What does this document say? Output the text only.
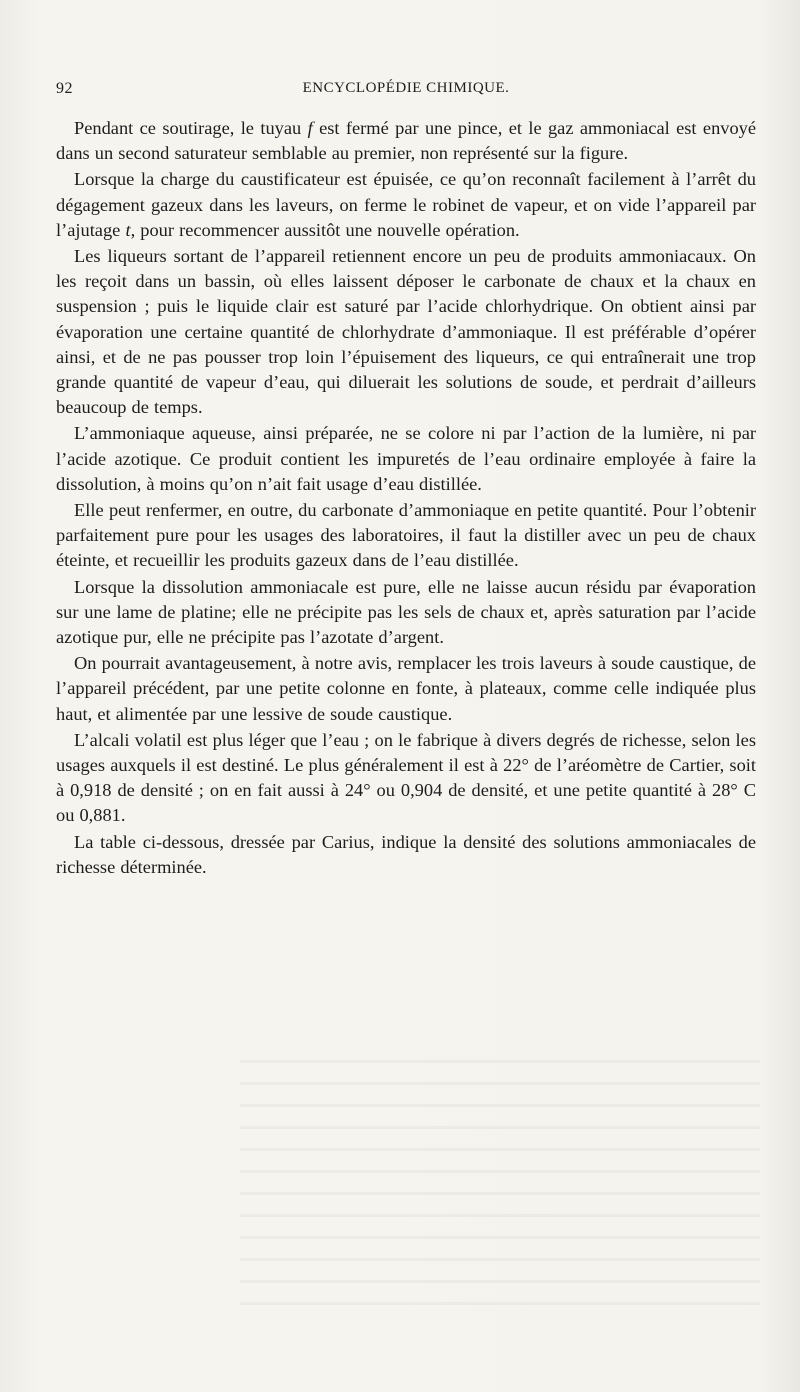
92	ENCYCLOPÉDIE CHIMIQUE.

Pendant ce soutirage, le tuyau f est fermé par une pince, et le gaz ammoniacal est envoyé dans un second saturateur semblable au premier, non représenté sur la figure.

Lorsque la charge du caustificateur est épuisée, ce qu’on reconnaît facilement à l’arrêt du dégagement gazeux dans les laveurs, on ferme le robinet de vapeur, et on vide l’appareil par l’ajutage t, pour recommencer aussitôt une nouvelle opération.

Les liqueurs sortant de l’appareil retiennent encore un peu de produits ammoniacaux. On les reçoit dans un bassin, où elles laissent déposer le carbonate de chaux et la chaux en suspension ; puis le liquide clair est saturé par l’acide chlorhydrique. On obtient ainsi par évaporation une certaine quantité de chlorhydrate d’ammoniaque. Il est préférable d’opérer ainsi, et de ne pas pousser trop loin l’épuisement des liqueurs, ce qui entraînerait une trop grande quantité de vapeur d’eau, qui diluerait les solutions de soude, et perdrait d’ailleurs beaucoup de temps.

L’ammoniaque aqueuse, ainsi préparée, ne se colore ni par l’action de la lumière, ni par l’acide azotique. Ce produit contient les impuretés de l’eau ordinaire employée à faire la dissolution, à moins qu’on n’ait fait usage d’eau distillée.

Elle peut renfermer, en outre, du carbonate d’ammoniaque en petite quantité. Pour l’obtenir parfaitement pure pour les usages des laboratoires, il faut la distiller avec un peu de chaux éteinte, et recueillir les produits gazeux dans de l’eau distillée.

Lorsque la dissolution ammoniacale est pure, elle ne laisse aucun résidu par évaporation sur une lame de platine; elle ne précipite pas les sels de chaux et, après saturation par l’acide azotique pur, elle ne précipite pas l’azotate d’argent.

On pourrait avantageusement, à notre avis, remplacer les trois laveurs à soude caustique, de l’appareil précédent, par une petite colonne en fonte, à plateaux, comme celle indiquée plus haut, et alimentée par une lessive de soude caustique.

L’alcali volatil est plus léger que l’eau ; on le fabrique à divers degrés de richesse, selon les usages auxquels il est destiné. Le plus généralement il est à 22° de l’aréomètre de Cartier, soit à 0,918 de densité ; on en fait aussi à 24° ou 0,904 de densité, et une petite quantité à 28° C ou 0,881.

La table ci-dessous, dressée par Carius, indique la densité des solutions ammoniacales de richesse déterminée.
